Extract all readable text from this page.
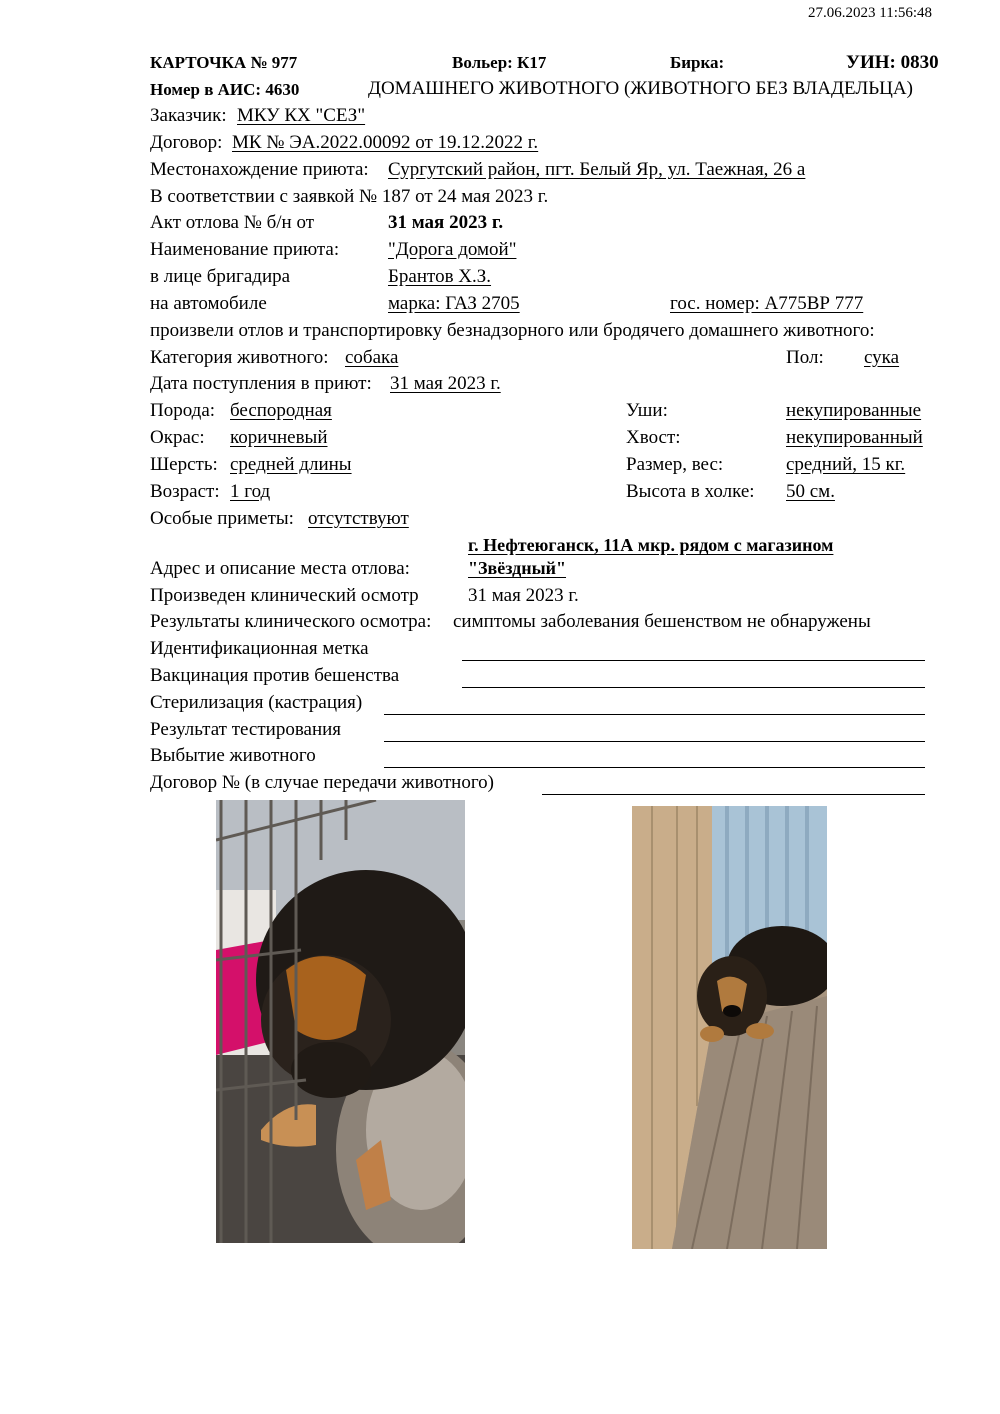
27.06.2023 11:56:48
КАРТОЧКА № 977	Вольер: К17	Бирка:	УИН: 0830
Номер в АИС: 4630	ДОМАШНЕГО ЖИВОТНОГО (ЖИВОТНОГО БЕЗ ВЛАДЕЛЬЦА)
Заказчик: МКУ КХ "СЕЗ"
Договор: МК № ЭА.2022.00092 от 19.12.2022 г.
Местонахождение приюта: Сургутский район, пгт. Белый Яр, ул. Таежная, 26 а
В соответствии с заявкой № 187 от 24 мая 2023 г.
Акт отлова № б/н от	31 мая 2023 г.
Наименование приюта:	"Дорога домой"
в лице бригадира	Брантов Х.З.
на автомобиле	марка: ГАЗ 2705	гос. номер: А775ВР 777
произвели отлов и транспортировку безнадзорного или бродячего домашнего животного:
Категория животного: собака	Пол: сука
Дата поступления в приют: 31 мая 2023 г.
Порода: беспородная	Уши:	некупированные
Окрас: коричневый	Хвост:	некупированный
Шерсть: средней длины	Размер, вес:	средний, 15 кг.
Возраст: 1 год	Высота в холке: 50 см.
Особые приметы: отсутствуют
г. Нефтеюганск, 11А мкр. рядом с магазином
Адрес и описание места отлова:	"Звёздный"
Произведен клинический осмотр	31 мая 2023 г.
Результаты клинического осмотра: симптомы заболевания бешенством не обнаружены
Идентификационная метка
Вакцинация против бешенства
Стерилизация (кастрация)
Результат тестирования
Выбытие животного
Договор № (в случае передачи животного)
